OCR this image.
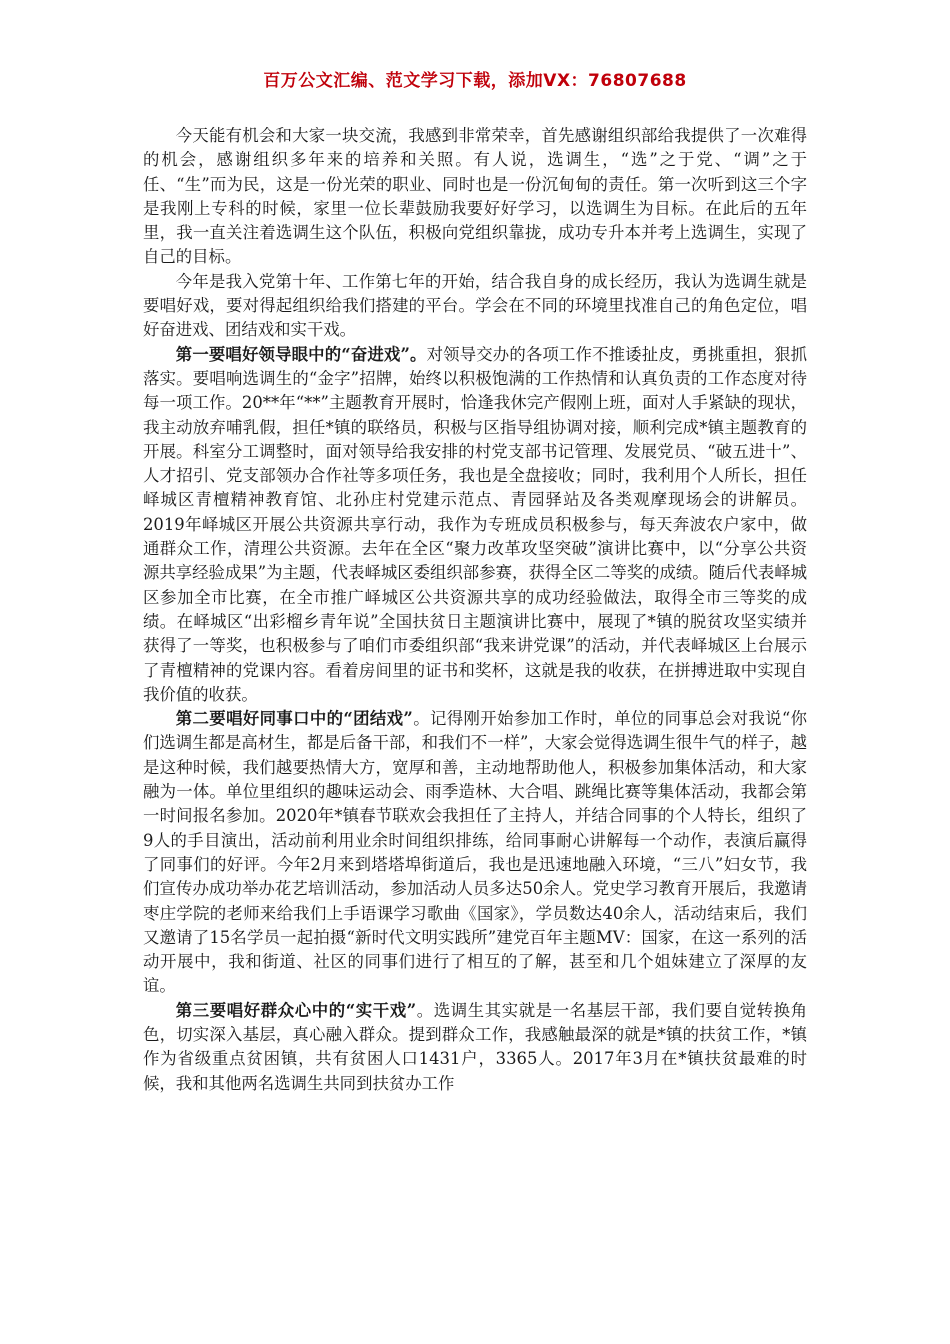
百万公文汇编、范文学习下载，添加VX：76807688

今天能有机会和大家一块交流，我感到非常荣幸，首先感谢组织部给我提供了一次难得的机会，感谢组织多年来的培养和关照。有人说，选调生，“选”之于党、“调”之于任、“生”而为民，这是一份光荣的职业、同时也是一份沉甸甸的责任。第一次听到这三个字是我刚上专科的时候，家里一位长辈鼓励我要好好学习，以选调生为目标。在此后的五年里，我一直关注着选调生这个队伍，积极向党组织靠拢，成功专升本并考上选调生，实现了自己的目标。

今年是我入党第十年、工作第七年的开始，结合我自身的成长经历，我认为选调生就是要唱好戏，要对得起组织给我们搭建的平台。学会在不同的环境里找准自己的角色定位，唱好奋进戏、团结戏和实干戏。

第一要唱好领导眼中的“奋进戏”。对领导交办的各项工作不推诿扯皮，勇挑重担，狠抓落实。要唱响选调生的“金字”招牌，始终以积极饱满的工作热情和认真负责的工作态度对待每一项工作。20**年“**”主题教育开展时，恰逢我休完产假刚上班，面对人手紧缺的现状，我主动放弃哺乳假，担任*镇的联络员，积极与区指导组协调对接，顺利完成*镇主题教育的开展。科室分工调整时，面对领导给我安排的村党支部书记管理、发展党员、“破五进十”、人才招引、党支部领办合作社等多项任务，我也是全盘接收；同时，我利用个人所长，担任峄城区青檀精神教育馆、北孙庄村党建示范点、青园驿站及各类观摩现场会的讲解员。2019年峄城区开展公共资源共享行动，我作为专班成员积极参与，每天奔波农户家中，做通群众工作，清理公共资源。去年在全区“聚力改革攻坚突破”演讲比赛中，以“分享公共资源共享经验成果”为主题，代表峄城区委组织部参赛，获得全区二等奖的成绩。随后代表峄城区参加全市比赛，在全市推广峄城区公共资源共享的成功经验做法，取得全市三等奖的成绩。在峄城区“出彩榴乡青年说”全国扶贫日主题演讲比赛中，展现了*镇的脱贫攻坚实绩并获得了一等奖，也积极参与了咱们市委组织部“我来讲党课”的活动，并代表峄城区上台展示了青檀精神的党课内容。看着房间里的证书和奖杯，这就是我的收获，在拼搏进取中实现自我价值的收获。

第二要唱好同事口中的“团结戏”。记得刚开始参加工作时，单位的同事总会对我说“你们选调生都是高材生，都是后备干部，和我们不一样”，大家会觉得选调生很牛气的样子，越是这种时候，我们越要热情大方，宽厚和善，主动地帮助他人，积极参加集体活动，和大家融为一体。单位里组织的趣味运动会、雨季造林、大合唱、跳绳比赛等集体活动，我都会第一时间报名参加。2020年*镇春节联欢会我担任了主持人，并结合同事的个人特长，组织了9人的手目演出，活动前利用业余时间组织排练，给同事耐心讲解每一个动作，表演后赢得了同事们的好评。今年2月来到塔塔埠街道后，我也是迅速地融入环境，“三八”妇女节，我们宣传办成功举办花艺培训活动，参加活动人员多达50余人。党史学习教育开展后，我邀请枣庄学院的老师来给我们上手语课学习歌曲《国家》，学员数达40余人，活动结束后，我们又邀请了15名学员一起拍摄“新时代文明实践所”建党百年主题MV：国家，在这一系列的活动开展中，我和街道、社区的同事们进行了相互的了解，甚至和几个姐妹建立了深厚的友谊。

第三要唱好群众心中的“实干戏”。选调生其实就是一名基层干部，我们要自觉转换角色，切实深入基层，真心融入群众。提到群众工作，我感触最深的就是*镇的扶贫工作，*镇作为省级重点贫困镇，共有贫困人口1431户，3365人。2017年3月在*镇扶贫最难的时候，我和其他两名选调生共同到扶贫办工作
